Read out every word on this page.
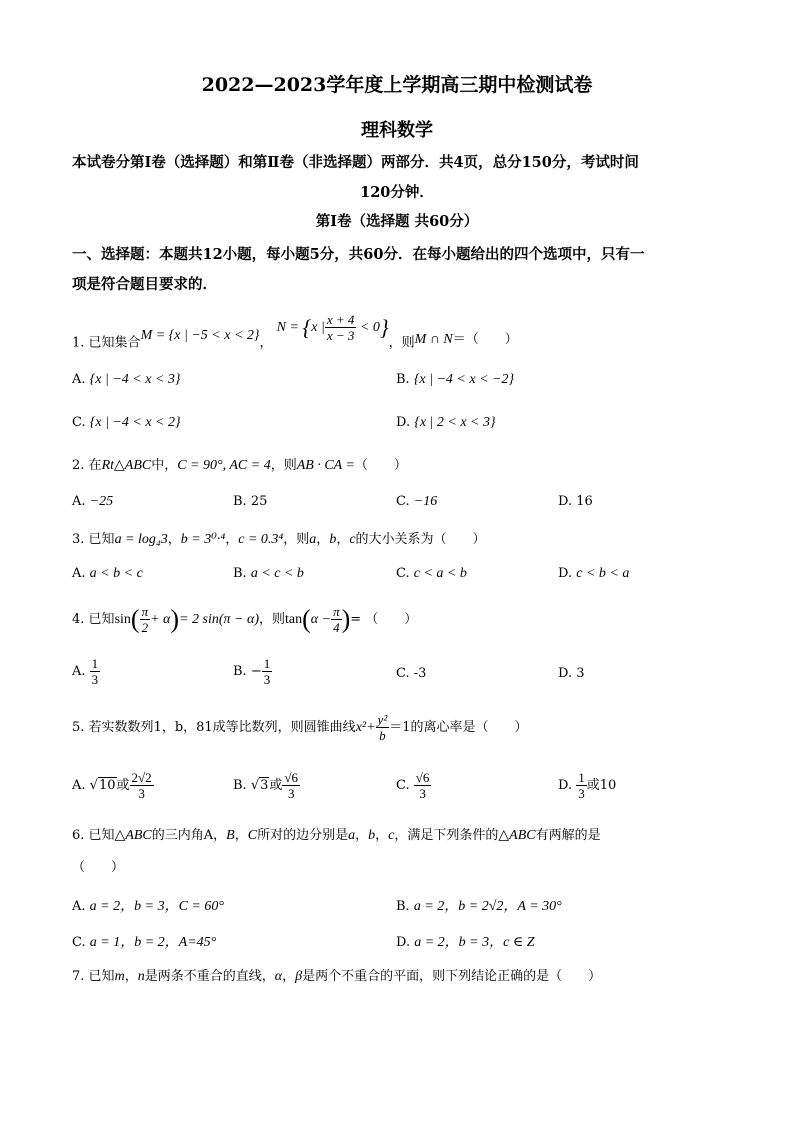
2022—2023学年度上学期高三期中检测试卷
理科数学
本试卷分第Ⅰ卷（选择题）和第Ⅱ卷（非选择题）两部分．共4页，总分150分，考试时间
120分钟．
第Ⅰ卷（选择题 共60分）
一、选择题：本题共12小题，每小题5分，共60分．在每小题给出的四个选项中，只有一
项是符合题目要求的．
1. 已知集合M = {x | −5 < x < 2}， N = {x | $\frac{x + 4}{x - 3} < 0$}，则M ∩ N＝（　　）
A. {x | −4 < x < 3}	B. {x | −4 < x < −2}
C. {x | −4 < x < 2}	D. {x | 2 < x < 3}
2. 在Rt△ABC中，C = 90°, AC = 4，则AB · CA =（　　）
A. −25	B. 25	C. −16	D. 16
3. 已知a = log₄3，b = 3⁰·⁴，c = 0.3⁴，则a，b，c的大小关系为（　　）
A. a < b < c	B. a < c < b	C. c < a < b	D. c < b < a
4. 已知$\sin( \frac{\pi}{2} + \alpha)= 2$ sin(π − α)，则$\tan(\alpha - \frac{\pi}{4}$ )= （　　）
A. $\frac{1}{3}$	B. − $\frac{1}{3}$	C. -3	D. 3
5. 若实数数列1，b，81成等比数列，则圆锥曲线$x^2+ \frac{\text{y²}}{b} =1$的离心率是（　　）
A. √10或 $\frac{2√2}{3}$	B. √3或 $\frac{√6}{3}$	C. $\frac{√6}{3}$	D. $\frac{1}{3}$ 或10
6. 已知△ABC的三内角A，B，C所对的边分别是a，b，c，满足下列条件的△ABC有两解的是
（　　）
A. a = 2，b = 3，C = 60°	B. a = 2，b = 2√2，A = 30°
C. a = 1，b = 2，A=45°	D. a = 2，b = 3，c ∈ Z
7. 已知m，n是两条不重合的直线，α，β是两个不重合的平面，则下列结论正确的是（　　）
